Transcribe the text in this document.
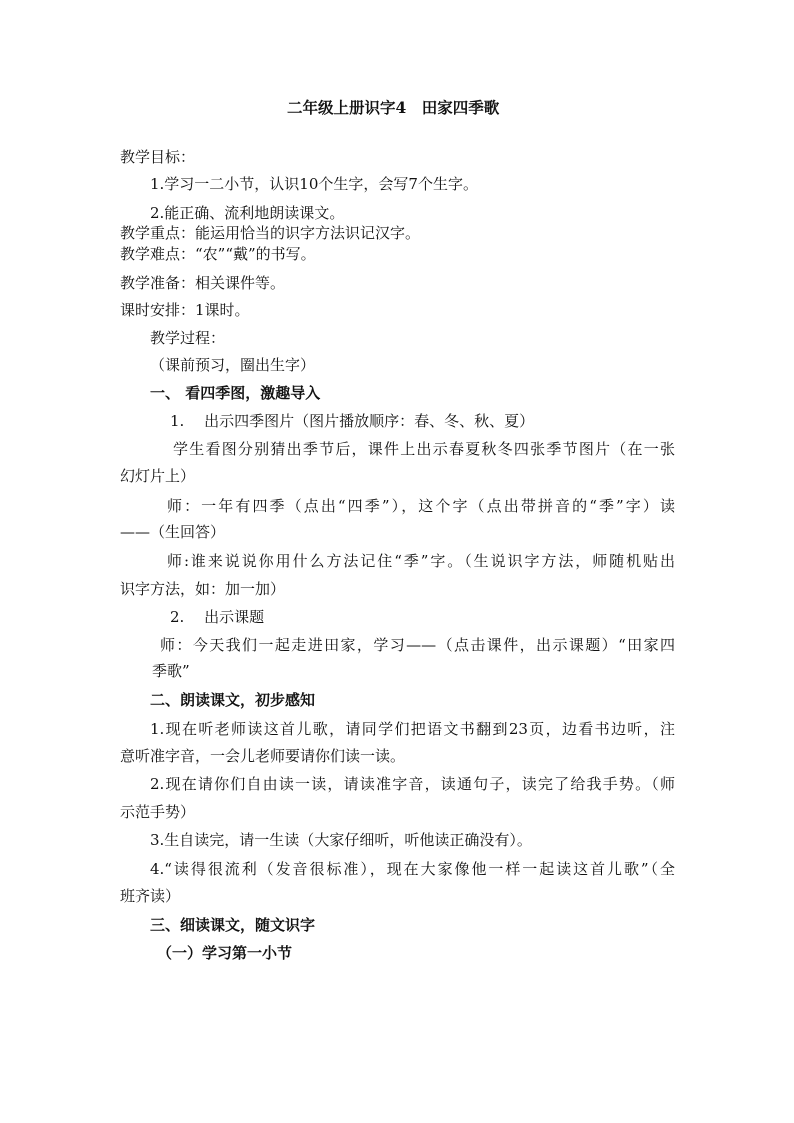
二年级上册识字4　田家四季歌
教学目标：
1.学习一二小节，认识10个生字，会写7个生字。
2.能正确、流利地朗读课文。
教学重点：能运用恰当的识字方法识记汉字。
教学难点：“农”“戴”的书写。
教学准备：相关课件等。
课时安排：1课时。
教学过程：
（课前预习，圈出生字）
一、 看四季图，激趣导入
1.　 出示四季图片（图片播放顺序：春、冬、秋、夏）
学生看图分别猜出季节后，课件上出示春夏秋冬四张季节图片（在一张
幻灯片上）
师：一年有四季（点出“四季”），这个字（点出带拼音的“季”字）读
——（生回答）
师:谁来说说你用什么方法记住“季”字。（生说识字方法，师随机贴出
识字方法，如：加一加）
2.　 出示课题
师：今天我们一起走进田家，学习——（点击课件，出示课题）“田家四
季歌”
二、朗读课文，初步感知
1.现在听老师读这首儿歌，请同学们把语文书翻到23页，边看书边听，注
意听准字音，一会儿老师要请你们读一读。
2.现在请你们自由读一读，请读准字音，读通句子，读完了给我手势。（师
示范手势）
3.生自读完，请一生读（大家仔细听，听他读正确没有）。
4.“读得很流利（发音很标准），现在大家像他一样一起读这首儿歌”（全
班齐读）
三、细读课文，随文识字
（一）学习第一小节
